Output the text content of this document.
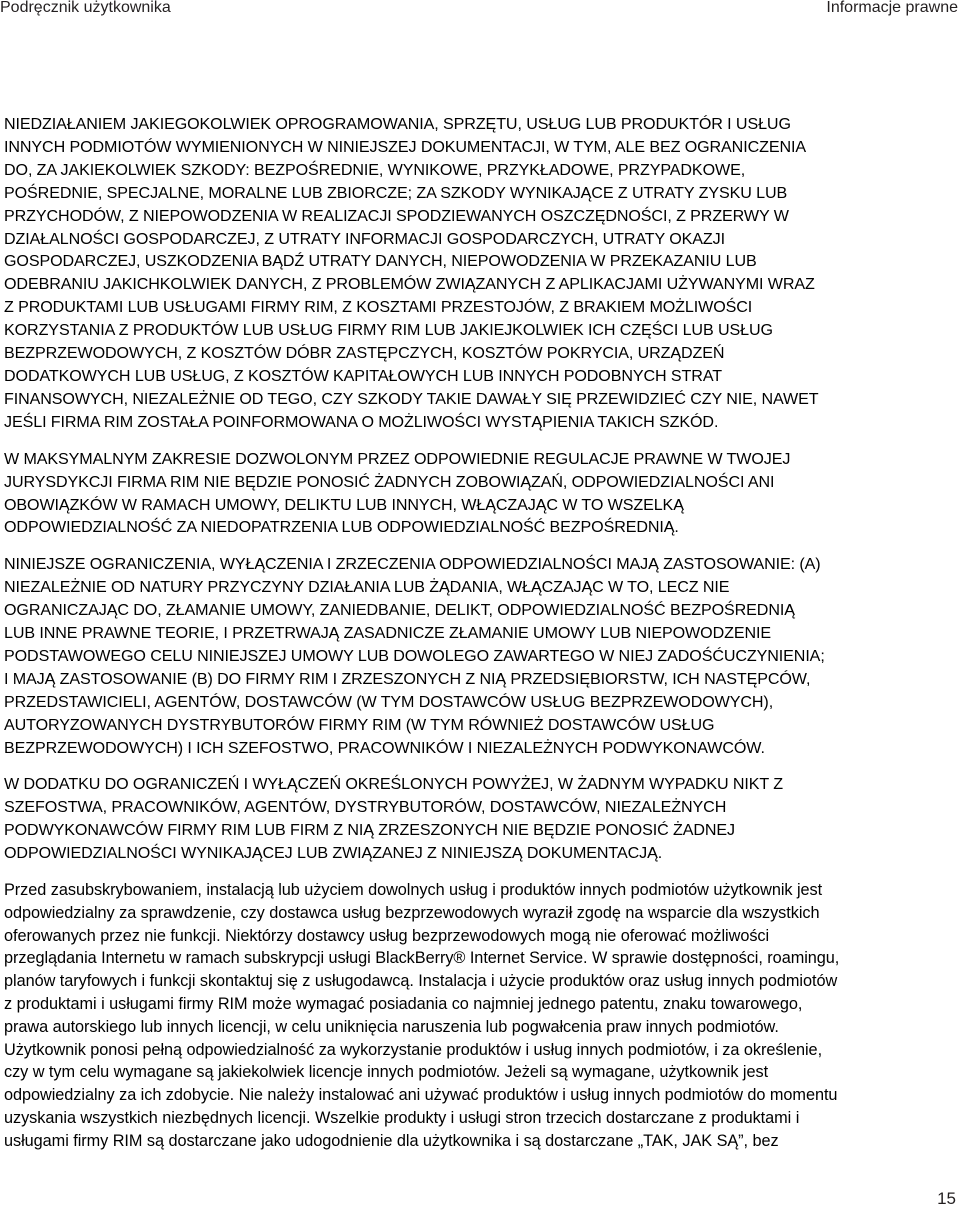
Podręcznik użytkownika	Informacje prawne

NIEDZIAŁANIEM JAKIEGOKOLWIEK OPROGRAMOWANIA, SPRZĘTU, USŁUG LUB PRODUKTÓR I USŁUG
INNYCH PODMIOTÓW WYMIENIONYCH W NINIEJSZEJ DOKUMENTACJI, W TYM, ALE BEZ OGRANICZENIA
DO, ZA JAKIEKOLWIEK SZKODY: BEZPOŚREDNIE, WYNIKOWE, PRZYKŁADOWE, PRZYPADKOWE,
POŚREDNIE, SPECJALNE, MORALNE LUB ZBIORCZE; ZA SZKODY WYNIKAJĄCE Z UTRATY ZYSKU LUB
PRZYCHODÓW, Z NIEPOWODZENIA W REALIZACJI SPODZIEWANYCH OSZCZĘDNOŚCI, Z PRZERWY W
DZIAŁALNOŚCI GOSPODARCZEJ, Z UTRATY INFORMACJI GOSPODARCZYCH, UTRATY OKAZJI
GOSPODARCZEJ, USZKODZENIA BĄDŹ UTRATY DANYCH, NIEPOWODZENIA W PRZEKAZANIU LUB
ODEBRANIU JAKICHKOLWIEK DANYCH, Z PROBLEMÓW ZWIĄZANYCH Z APLIKACJAMI UŻYWANYMI WRAZ
Z PRODUKTAMI LUB USŁUGAMI FIRMY RIM, Z KOSZTAMI PRZESTOJÓW, Z BRAKIEM MOŻLIWOŚCI
KORZYSTANIA Z PRODUKTÓW LUB USŁUG FIRMY RIM LUB JAKIEJKOLWIEK ICH CZĘŚCI LUB USŁUG
BEZPRZEWODOWYCH, Z KOSZTÓW DÓBR ZASTĘPCZYCH, KOSZTÓW POKRYCIA, URZĄDZEŃ
DODATKOWYCH LUB USŁUG, Z KOSZTÓW KAPITAŁOWYCH LUB INNYCH PODOBNYCH STRAT
FINANSOWYCH, NIEZALEŻNIE OD TEGO, CZY SZKODY TAKIE DAWAŁY SIĘ PRZEWIDZIEĆ CZY NIE, NAWET
JEŚLI FIRMA RIM ZOSTAŁA POINFORMOWANA O MOŻLIWOŚCI WYSTĄPIENIA TAKICH SZKÓD.

W MAKSYMALNYM ZAKRESIE DOZWOLONYM PRZEZ ODPOWIEDNIE REGULACJE PRAWNE W TWOJEJ
JURYSDYKCJI FIRMA RIM NIE BĘDZIE PONOSIĆ ŻADNYCH ZOBOWIĄZAŃ, ODPOWIEDZIALNOŚCI ANI
OBOWIĄZKÓW W RAMACH UMOWY, DELIKTU LUB INNYCH, WŁĄCZAJĄC W TO WSZELKĄ
ODPOWIEDZIALNOŚĆ ZA NIEDOPATRZENIA LUB ODPOWIEDZIALNOŚĆ BEZPOŚREDNIĄ.

NINIEJSZE OGRANICZENIA, WYŁĄCZENIA I ZRZECZENIA ODPOWIEDZIALNOŚCI MAJĄ ZASTOSOWANIE: (A)
NIEZALEŻNIE OD NATURY PRZYCZYNY DZIAŁANIA LUB ŻĄDANIA, WŁĄCZAJĄC W TO, LECZ NIE
OGRANICZAJĄC DO, ZŁAMANIE UMOWY, ZANIEDBANIE, DELIKT, ODPOWIEDZIALNOŚĆ BEZPOŚREDNIĄ
LUB INNE PRAWNE TEORIE, I PRZETRWAJĄ ZASADNICZE ZŁAMANIE UMOWY LUB NIEPOWODZENIE
PODSTAWOWEGO CELU NINIEJSZEJ UMOWY LUB DOWOLEGO ZAWARTEGO W NIEJ ZADOŚĆUCZYNIENIA;
I MAJĄ ZASTOSOWANIE (B) DO FIRMY RIM I ZRZESZONYCH Z NIĄ PRZEDSIĘBIORSTW, ICH NASTĘPCÓW,
PRZEDSTAWICIELI, AGENTÓW, DOSTAWCÓW (W TYM DOSTAWCÓW USŁUG BEZPRZEWODOWYCH),
AUTORYZOWANYCH DYSTRYBUTORÓW FIRMY RIM (W TYM RÓWNIEŻ DOSTAWCÓW USŁUG
BEZPRZEWODOWYCH) I ICH SZEFOSTWO, PRACOWNIKÓW I NIEZALEŻNYCH PODWYKONAWCÓW.

W DODATKU DO OGRANICZEŃ I WYŁĄCZEŃ OKREŚLONYCH POWYŻEJ, W ŻADNYM WYPADKU NIKT Z
SZEFOSTWA, PRACOWNIKÓW, AGENTÓW, DYSTRYBUTORÓW, DOSTAWCÓW, NIEZALEŻNYCH
PODWYKONAWCÓW FIRMY RIM LUB FIRM Z NIĄ ZRZESZONYCH NIE BĘDZIE PONOSIĆ ŻADNEJ
ODPOWIEDZIALNOŚCI WYNIKAJĄCEJ LUB ZWIĄZANEJ Z NINIEJSZĄ DOKUMENTACJĄ.

Przed zasubskrybowaniem, instalacją lub użyciem dowolnych usług i produktów innych podmiotów użytkownik jest
odpowiedzialny za sprawdzenie, czy dostawca usług bezprzewodowych wyraził zgodę na wsparcie dla wszystkich
oferowanych przez nie funkcji. Niektórzy dostawcy usług bezprzewodowych mogą nie oferować możliwości
przeglądania Internetu w ramach subskrypcji usługi BlackBerry® Internet Service. W sprawie dostępności, roamingu,
planów taryfowych i funkcji skontaktuj się z usługodawcą. Instalacja i użycie produktów oraz usług innych podmiotów
z produktami i usługami firmy RIM może wymagać posiadania co najmniej jednego patentu, znaku towarowego,
prawa autorskiego lub innych licencji, w celu uniknięcia naruszenia lub pogwałcenia praw innych podmiotów.
Użytkownik ponosi pełną odpowiedzialność za wykorzystanie produktów i usług innych podmiotów, i za określenie,
czy w tym celu wymagane są jakiekolwiek licencje innych podmiotów. Jeżeli są wymagane, użytkownik jest
odpowiedzialny za ich zdobycie. Nie należy instalować ani używać produktów i usług innych podmiotów do momentu
uzyskania wszystkich niezbędnych licencji. Wszelkie produkty i usługi stron trzecich dostarczane z produktami i
usługami firmy RIM są dostarczane jako udogodnienie dla użytkownika i są dostarczane „TAK, JAK SĄ”, bez

15
